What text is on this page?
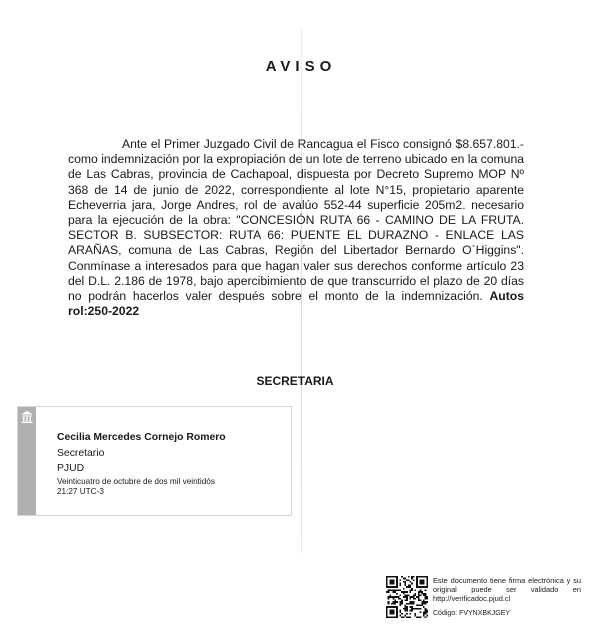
AVISO
Ante el Primer Juzgado Civil de Rancagua el Fisco consignó $8.657.801.- como indemnización por la expropiación de un lote de terreno ubicado en la comuna de Las Cabras, provincia de Cachapoal, dispuesta por Decreto Supremo MOP Nº 368 de 14 de junio de 2022, correspondiente al lote N°15, propietario aparente Echeverria jara, Jorge Andres, rol de avalúo 552-44 superficie 205m2. necesario para la ejecución de la obra: "CONCESIÓN RUTA 66 - CAMINO DE LA FRUTA. SECTOR B. SUBSECTOR: RUTA 66: PUENTE EL DURAZNO - ENLACE LAS ARAÑAS, comuna de Las Cabras, Región del Libertador Bernardo O`Higgins". Conmínase a interesados para que hagan valer sus derechos conforme artículo 23 del D.L. 2.186 de 1978, bajo apercibimiento de que transcurrido el plazo de 20 días no podrán hacerlos valer después sobre el monto de la indemnización. Autos rol:250-2022
SECRETARIA
Cecilia Mercedes Cornejo Romero
Secretario
PJUD
Veinticuatro de octubre de dos mil veintidós
21:27 UTC-3
Este documento tiene firma electrónica y su original puede ser validado en http://verificadoc.pjud.cl
Código: FVYNXBKJGEY
